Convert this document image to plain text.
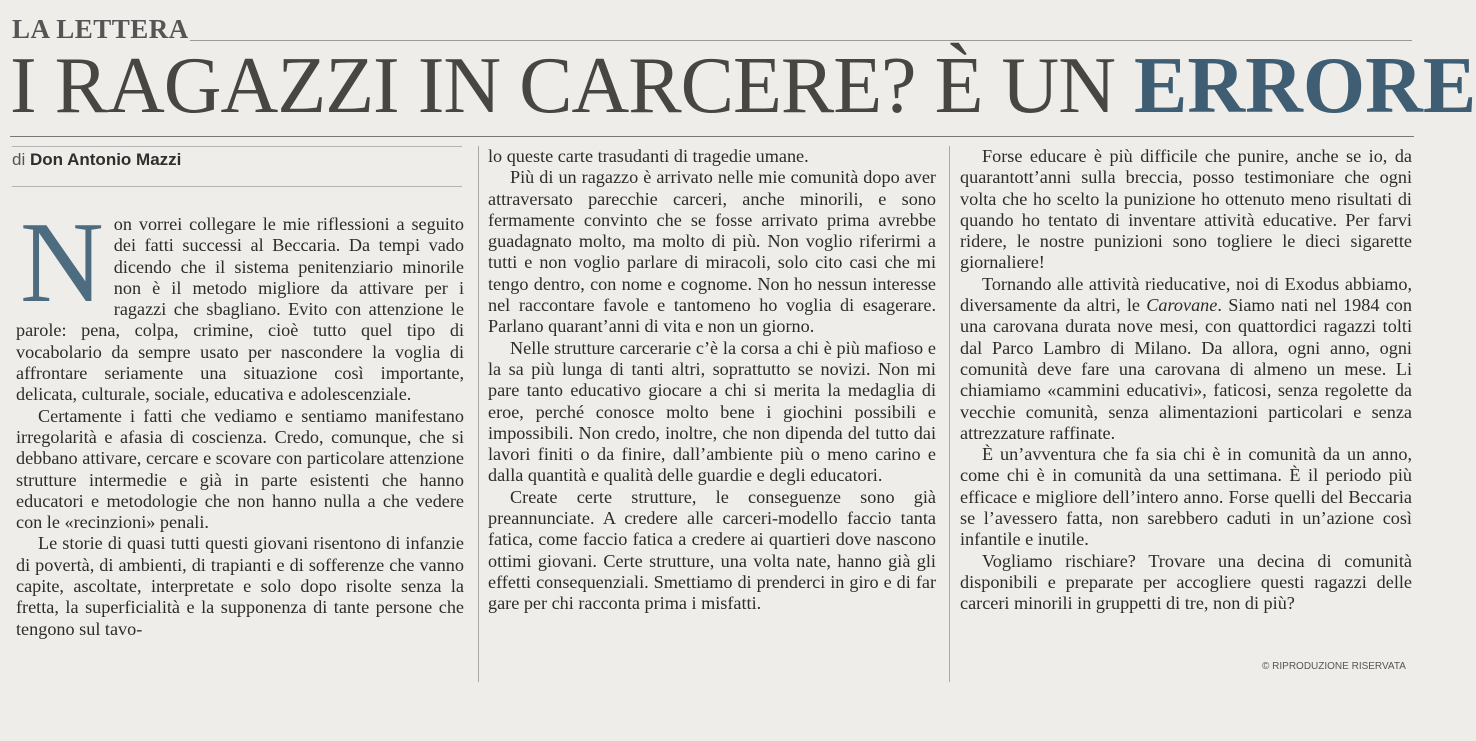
LA LETTERA
I RAGAZZI IN CARCERE? È UN ERRORE
di Don Antonio Mazzi
N on vorrei collegare le mie riflessioni a seguito dei fatti successi al Beccaria. Da tempi vado dicendo che il sistema penitenziario minorile non è il metodo migliore da attivare per i ragazzi che sbagliano. Evito con attenzione le parole: pena, colpa, crimine, cioè tutto quel tipo di vocabolario da sempre usato per nascondere la voglia di affrontare seriamente una situazione così importante, delicata, culturale, sociale, educativa e adolescenziale.

Certamente i fatti che vediamo e sentiamo manifestano irregolarità e afasia di coscienza. Credo, comunque, che si debbano attivare, cercare e scovare con particolare attenzione strutture intermedie e già in parte esistenti che hanno educatori e metodologie che non hanno nulla a che vedere con le «recinzioni» penali.

Le storie di quasi tutti questi giovani risentono di infanzie di povertà, di ambienti, di trapianti e di sofferenze che vanno capite, ascoltate, interpretate e solo dopo risolte senza la fretta, la superficialità e la supponenza di tante persone che tengono sul tavo-

lo queste carte trasudanti di tragedie umane.

Più di un ragazzo è arrivato nelle mie comunità dopo aver attraversato parecchie carceri, anche minorili, e sono fermamente convinto che se fosse arrivato prima avrebbe guadagnato molto, ma molto di più. Non voglio riferirmi a tutti e non voglio parlare di miracoli, solo cito casi che mi tengo dentro, con nome e cognome. Non ho nessun interesse nel raccontare favole e tantomeno ho voglia di esagerare. Parlano quarant’anni di vita e non un giorno.

Nelle strutture carcerarie c’è la corsa a chi è più mafioso e la sa più lunga di tanti altri, soprattutto se novizi. Non mi pare tanto educativo giocare a chi si merita la medaglia di eroe, perché conosce molto bene i giochini possibili e impossibili. Non credo, inoltre, che non dipenda del tutto dai lavori finiti o da finire, dall’ambiente più o meno carino e dalla quantità e qualità delle guardie e degli educatori.

Create certe strutture, le conseguenze sono già preannunciate. A credere alle carceri-modello faccio tanta fatica, come faccio fatica a credere ai quartieri dove nascono ottimi giovani. Certe strutture, una volta nate, hanno già gli effetti consequenziali. Smettiamo di prenderci in giro e di far gare per chi racconta prima i misfatti.

Forse educare è più difficile che punire, anche se io, da quarantott’anni sulla breccia, posso testimoniare che ogni volta che ho scelto la punizione ho ottenuto meno risultati di quando ho tentato di inventare attività educative. Per farvi ridere, le nostre punizioni sono togliere le dieci sigarette giornaliere!

Tornando alle attività rieducative, noi di Exodus abbiamo, diversamente da altri, le Carovane. Siamo nati nel 1984 con una carovana durata nove mesi, con quattordici ragazzi tolti dal Parco Lambro di Milano. Da allora, ogni anno, ogni comunità deve fare una carovana di almeno un mese. Li chiamiamo «cammini educativi», faticosi, senza regolette da vecchie comunità, senza alimentazioni particolari e senza attrezzature raffinate.

È un’avventura che fa sia chi è in comunità da un anno, come chi è in comunità da una settimana. È il periodo più efficace e migliore dell’intero anno. Forse quelli del Beccaria se l’avessero fatta, non sarebbero caduti in un’azione così infantile e inutile.

Vogliamo rischiare? Trovare una decina di comunità disponibili e preparate per accogliere questi ragazzi delle carceri minorili in gruppetti di tre, non di più?

© RIPRODUZIONE RISERVATA
